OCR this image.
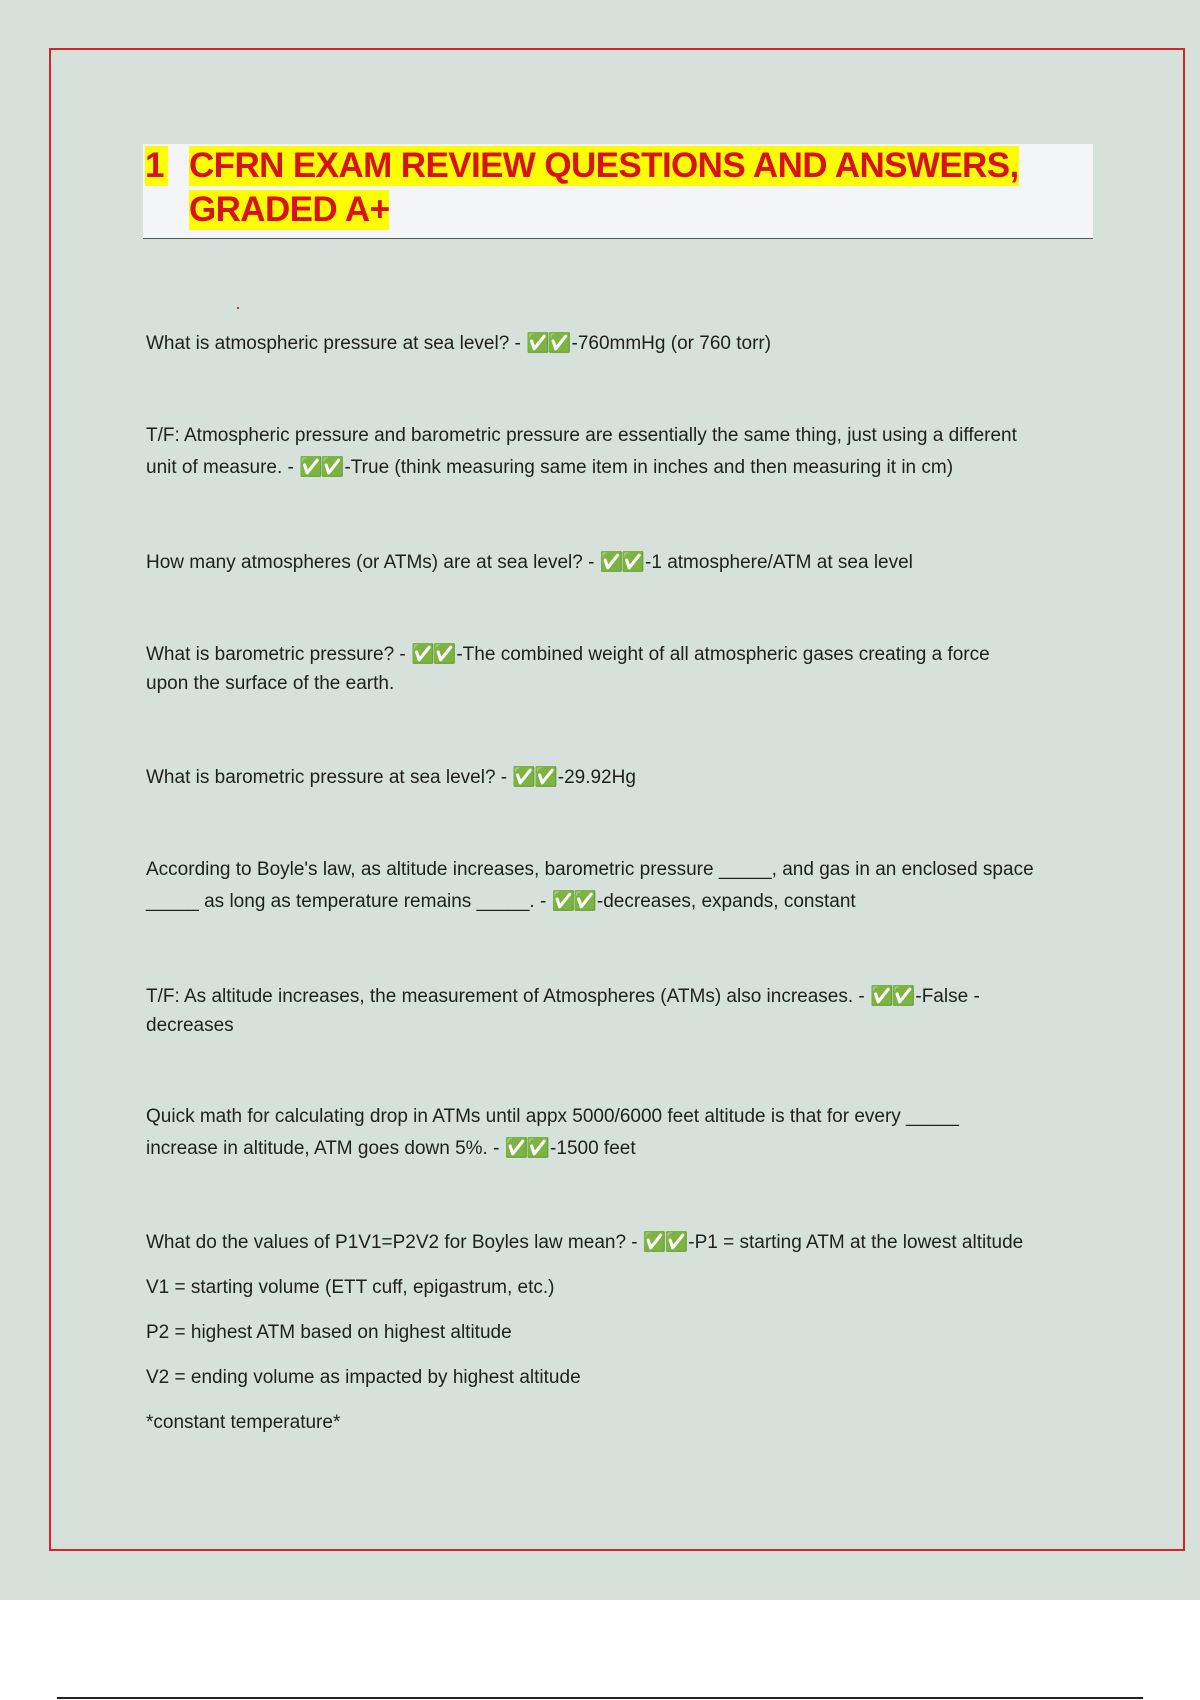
1 CFRN EXAM REVIEW QUESTIONS AND ANSWERS,
GRADED A+
What is atmospheric pressure at sea level? - ✅✅ -760mmHg (or 760 torr)
T/F: Atmospheric pressure and barometric pressure are essentially the same thing, just using a different
unit of measure. - ✅✅ -True (think measuring same item in inches and then measuring it in cm)
How many atmospheres (or ATMs) are at sea level? - ✅✅ -1 atmosphere/ATM at sea level
What is barometric pressure? - ✅✅ -The combined weight of all atmospheric gases creating a force
upon the surface of the earth.
What is barometric pressure at sea level? - ✅✅ -29.92Hg
According to Boyle's law, as altitude increases, barometric pressure _____, and gas in an enclosed space
_____ as long as temperature remains _____. - ✅✅ -decreases, expands, constant
T/F: As altitude increases, the measurement of Atmospheres (ATMs) also increases. - ✅✅ -False -
decreases
Quick math for calculating drop in ATMs until appx 5000/6000 feet altitude is that for every _____
increase in altitude, ATM goes down 5%. - ✅✅ -1500 feet
What do the values of P1V1=P2V2 for Boyles law mean? - ✅✅ -P1 = starting ATM at the lowest altitude
V1 = starting volume (ETT cuff, epigastrum, etc.)
P2 = highest ATM based on highest altitude
V2 = ending volume as impacted by highest altitude
*constant temperature*
